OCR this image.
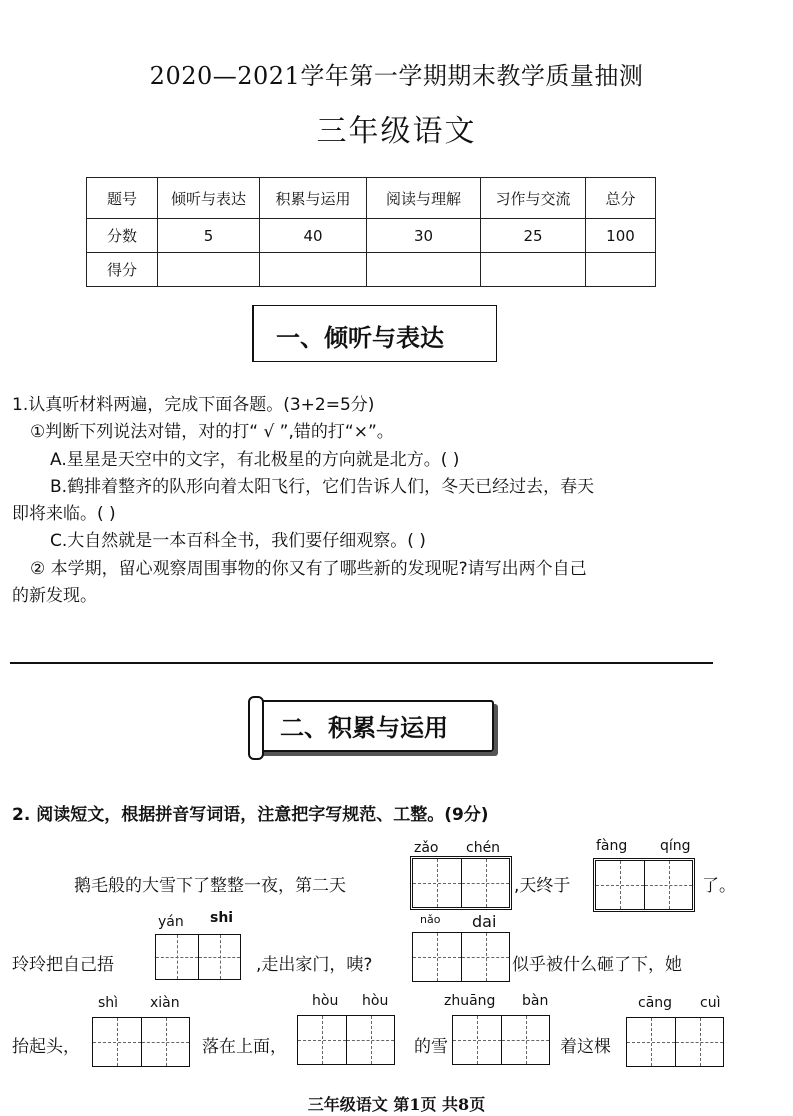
2020—2021学年第一学期期末教学质量抽测
三年级语文
题号	倾听与表达	积累与运用	阅读与理解	习作与交流	总分
分数	5	40	30	25	100
得分					
一、倾听与表达
1.认真听材料两遍，完成下面各题。(3+2=5分)
①判断下列说法对错，对的打“ √ ”,错的打“×”。
A.星星是天空中的文字，有北极星的方向就是北方。( )
B.鹤排着整齐的队形向着太阳飞行，它们告诉人们，冬天已经过去，春天
即将来临。( )
C.大自然就是一本百科全书，我们要仔细观察。( )
② 本学期，留心观察周围事物的你又有了哪些新的发现呢?请写出两个自己
的新发现。
二、积累与运用
2. 阅读短文，根据拼音写词语，注意把字写规范、工整。(9分)
zǎo chén	fàng qíng
鹅毛般的大雪下了整整一夜，第二天	,天终于	了。
yán shi	nǎo dai
玲玲把自己捂	,走出家门，咦?	似乎被什么砸了下，她
shì xiàn	hòu hòu	zhuāng bàn	cāng cuì
抬起头，	落在上面，	的雪	着这棵
三年级语文 第1页 共8页
